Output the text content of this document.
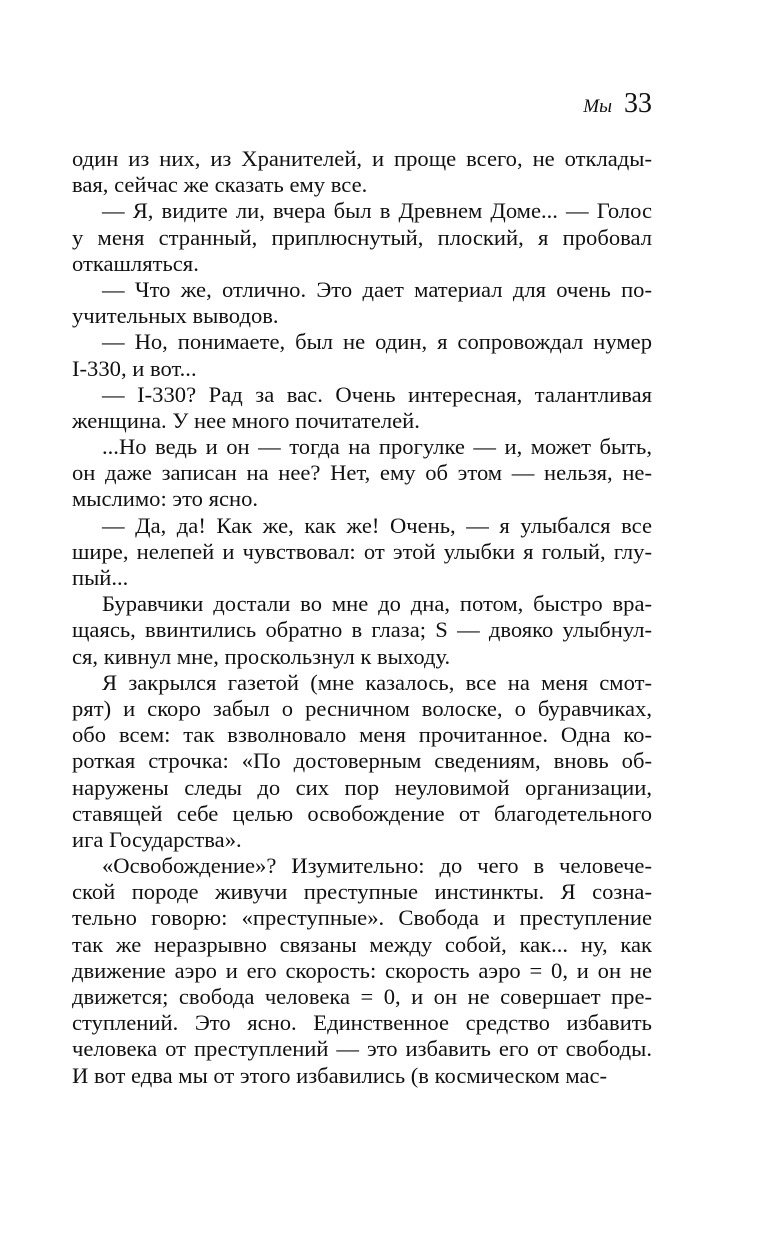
Мы 33
один из них, из Хранителей, и проще всего, не отклады-
вая, сейчас же сказать ему все.
— Я, видите ли, вчера был в Древнем Доме... — Голос
у меня странный, приплюснутый, плоский, я пробовал
откашляться.
— Что же, отлично. Это дает материал для очень по-
учительных выводов.
— Но, понимаете, был не один, я сопровождал нумер
I-330, и вот...
— I-330? Рад за вас. Очень интересная, талантливая
женщина. У нее много почитателей.
...Но ведь и он — тогда на прогулке — и, может быть,
он даже записан на нее? Нет, ему об этом — нельзя, не-
мыслимо: это ясно.
— Да, да! Как же, как же! Очень, — я улыбался все
шире, нелепей и чувствовал: от этой улыбки я голый, глу-
пый...
Буравчики достали во мне до дна, потом, быстро вра-
щаясь, ввинтились обратно в глаза; S — двояко улыбнул-
ся, кивнул мне, проскользнул к выходу.
Я закрылся газетой (мне казалось, все на меня смот-
рят) и скоро забыл о ресничном волоске, о буравчиках,
обо всем: так взволновало меня прочитанное. Одна ко-
роткая строчка: «По достоверным сведениям, вновь об-
наружены следы до сих пор неуловимой организации,
ставящей себе целью освобождение от благодетельного
ига Государства».
«Освобождение»? Изумительно: до чего в человече-
ской породе живучи преступные инстинкты. Я созна-
тельно говорю: «преступные». Свобода и преступление
так же неразрывно связаны между собой, как... ну, как
движение аэро и его скорость: скорость аэро = 0, и он не
движется; свобода человека = 0, и он не совершает пре-
ступлений. Это ясно. Единственное средство избавить
человека от преступлений — это избавить его от свободы.
И вот едва мы от этого избавились (в космическом мас-
